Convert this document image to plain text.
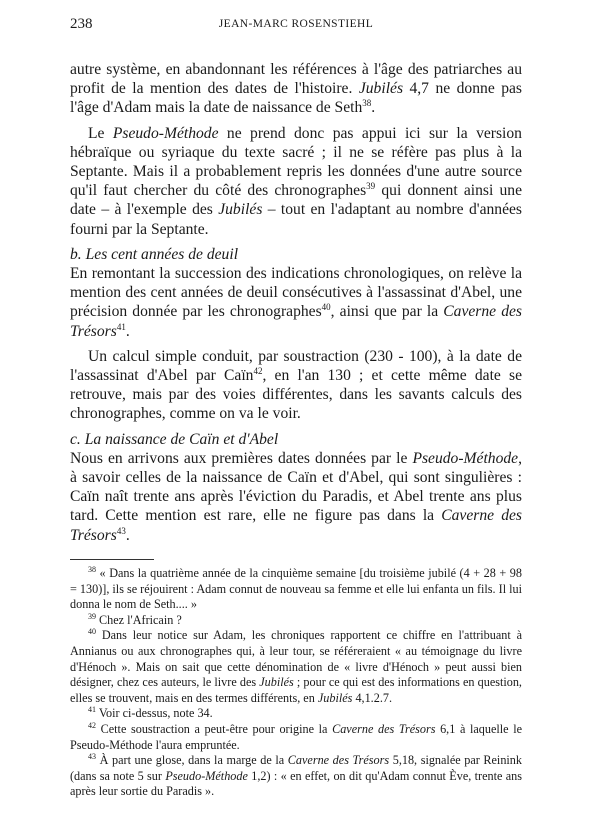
238	JEAN-MARC ROSENSTIEHL

autre système, en abandonnant les références à l'âge des patriarches au profit de la mention des dates de l'histoire. Jubilés 4,7 ne donne pas l'âge d'Adam mais la date de naissance de Seth$^{38}$.

Le Pseudo-Méthode ne prend donc pas appui ici sur la version hébraïque ou syriaque du texte sacré ; il ne se réfère pas plus à la Septante. Mais il a probablement repris les données d'une autre source qu'il faut chercher du côté des chronographes$^{39}$ qui donnent ainsi une date – à l'exemple des Jubilés – tout en l'adaptant au nombre d'années fourni par la Septante.

b. Les cent années de deuil

En remontant la succession des indications chronologiques, on relève la mention des cent années de deuil consécutives à l'assassinat d'Abel, une précision donnée par les chronographes$^{40}$, ainsi que par la Caverne des Trésors$^{41}$.

Un calcul simple conduit, par soustraction (230 - 100), à la date de l'assassinat d'Abel par Caïn$^{42}$, en l'an 130 ; et cette même date se retrouve, mais par des voies différentes, dans les savants calculs des chronographes, comme on va le voir.

c. La naissance de Caïn et d'Abel

Nous en arrivons aux premières dates données par le Pseudo-Méthode, à savoir celles de la naissance de Caïn et d'Abel, qui sont singulières : Caïn naît trente ans après l'éviction du Paradis, et Abel trente ans plus tard. Cette mention est rare, elle ne figure pas dans la Caverne des Trésors$^{43}$.

$^{38}$ « Dans la quatrième année de la cinquième semaine [du troisième jubilé (4 + 28 + 98 = 130)], ils se réjouirent : Adam connut de nouveau sa femme et elle lui enfanta un fils. Il lui donna le nom de Seth.... »

$^{39}$ Chez l'Africain ?

$^{40}$ Dans leur notice sur Adam, les chroniques rapportent ce chiffre en l'attribuant à Annianus ou aux chronographes qui, à leur tour, se référeraient « au témoignage du livre d'Hénoch ». Mais on sait que cette dénomination de « livre d'Hénoch » peut aussi bien désigner, chez ces auteurs, le livre des Jubilés ; pour ce qui est des informations en question, elles se trouvent, mais en des termes différents, en Jubilés 4,1.2.7.

$^{41}$ Voir ci-dessus, note 34.

$^{42}$ Cette soustraction a peut-être pour origine la Caverne des Trésors 6,1 à laquelle le Pseudo-Méthode l'aura empruntée.

$^{43}$ À part une glose, dans la marge de la Caverne des Trésors 5,18, signalée par Reinink (dans sa note 5 sur Pseudo-Méthode 1,2) : « en effet, on dit qu'Adam connut Ève, trente ans après leur sortie du Paradis ».
